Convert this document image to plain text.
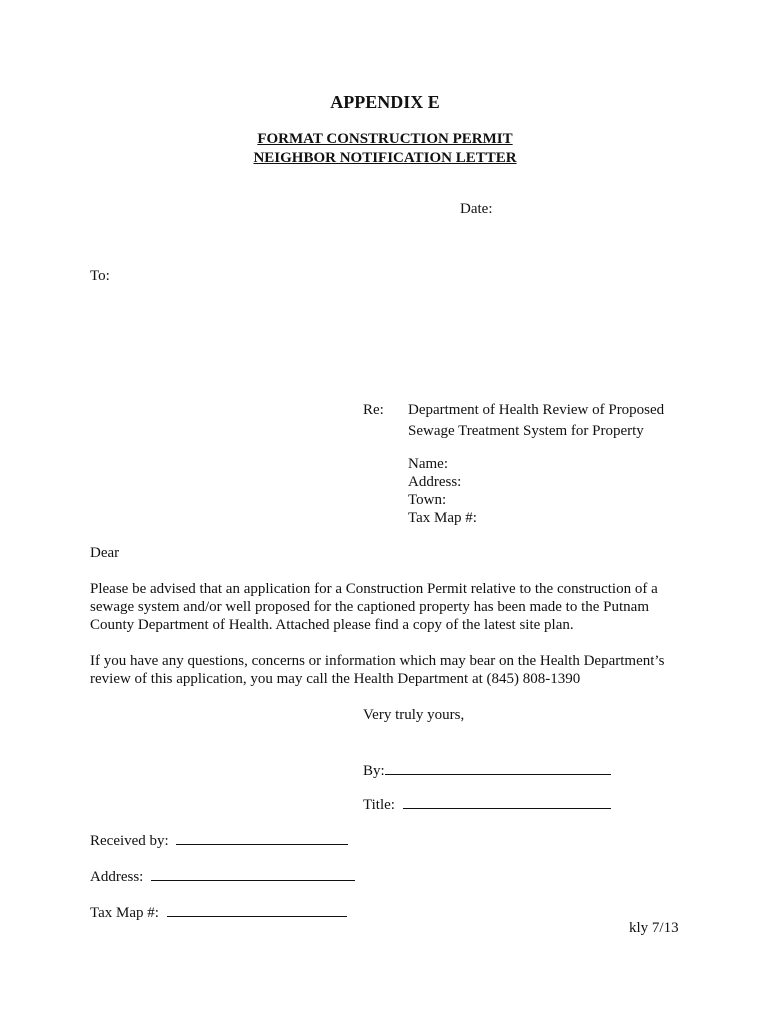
APPENDIX E
FORMAT CONSTRUCTION PERMIT
NEIGHBOR NOTIFICATION LETTER
Date:
To:
Re: Department of Health Review of Proposed
Sewage Treatment System for Property
Name:
Address:
Town:
Tax Map #:
Dear
Please be advised that an application for a Construction Permit relative to the construction of a sewage system and/or well proposed for the captioned property has been made to the Putnam County Department of Health. Attached please find a copy of the latest site plan.
If you have any questions, concerns or information which may bear on the Health Department’s review of this application, you may call the Health Department at (845) 808-1390
Very truly yours,
By:
Title:
Received by:
Address:
Tax Map #:
kly 7/13
